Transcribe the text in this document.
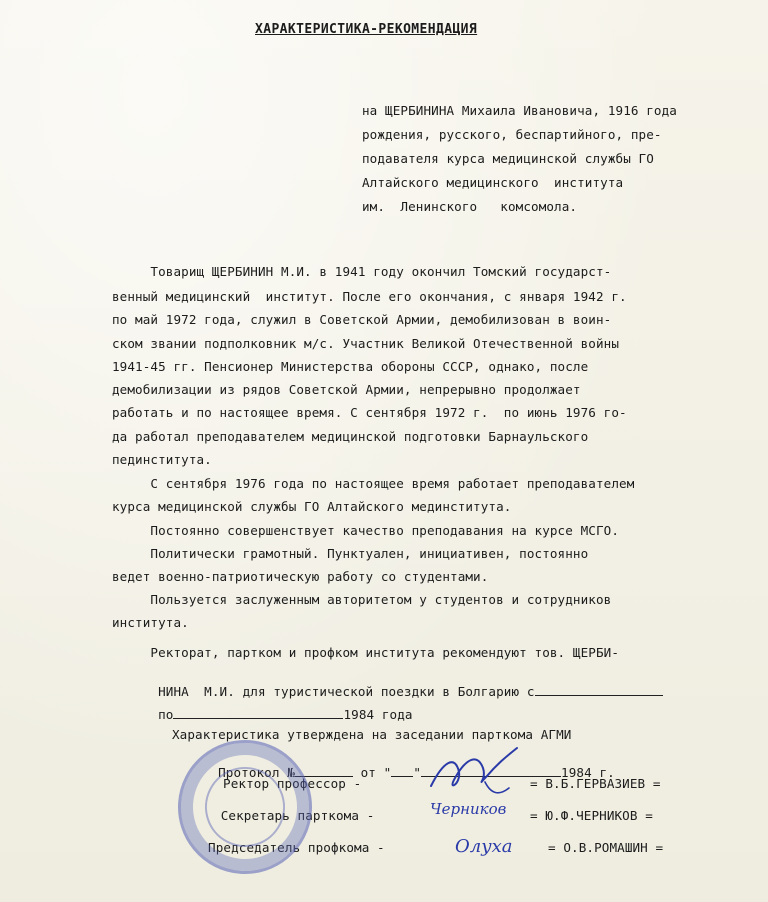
ХАРАКТЕРИСТИКА-РЕКОМЕНДАЦИЯ
на ЩЕРБИНИНА Михаила Ивановича, 1916 года
рождения, русского, беспартийного, пре-
подавателя курса медицинской службы ГО
Алтайского медицинского  института
им.  Ленинского   комсомола.
Товарищ ЩЕРБИНИН М.И. в 1941 году окончил Томский государст-
венный медицинский  институт. После его окончания, с января 1942 г.
по май 1972 года, служил в Советской Армии, демобилизован в воин-
ском звании подполковник м/с. Участник Великой Отечественной войны
1941-45 гг. Пенсионер Министерства обороны СССР, однако, после
демобилизации из рядов Советской Армии, непрерывно продолжает
работать и по настоящее время. С сентября 1972 г.  по июнь 1976 го-
да работал преподавателем медицинской подготовки Барнаульского
пединститута.
С сентября 1976 года по настоящее время работает преподавателем
курса медицинской службы ГО Алтайского мединститута.
Постоянно совершенствует качество преподавания на курсе МСГО.
Политически грамотный. Пунктуален, инициативен, постоянно
ведет военно-патриотическую работу со студентами.
Пользуется заслуженным авторитетом у студентов и сотрудников
института.
Ректорат, партком и профком института рекомендуют тов. ЩЕРБИ-

НИНА  М.И. для туристической поездки в Болгарию с

по	1984 года

Характеристика утверждена на заседании парткома АГМИ

Протокол №	от " "	1984 г.

Ректор профессор -	= В.Б.ГЕРВАЗИЕВ =
Секретарь парткома -	= Ю.Ф.ЧЕРНИКОВ =
Председатель профкома -	= О.В.РОМАШИН =
Черников
Олуха
